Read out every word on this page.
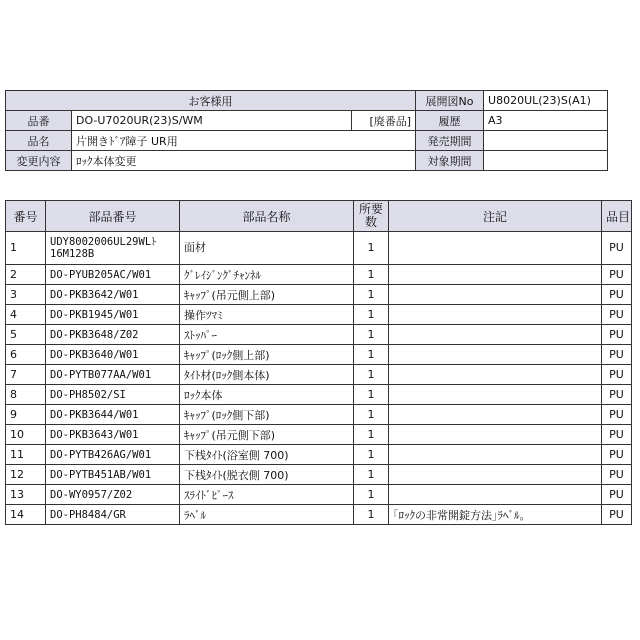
お客様用			展開図No	U8020UL(23)S(A1)
品番	DO-U7020UR(23)S/WM	[廃番品]	履歴	A3
品名	片開きﾄﾞｱ障子 UR用		発売期間	
変更内容	ﾛｯｸ本体変更		対象期間	
番号	部品番号	部品名称	所要数	注記	品目
1	UDY8002006UL29WLﾄ16M128B	面材	1		PU
2	DO-PYUB205AC/W01	ｸﾞﾚｲｼﾞﾝｸﾞﾁｬﾝﾈﾙ	1		PU
3	DO-PKB3642/W01	ｷｬｯﾌﾟ(吊元側上部)	1		PU
4	DO-PKB1945/W01	操作ﾂﾏﾐ	1		PU
5	DO-PKB3648/Z02	ｽﾄｯﾊﾟｰ	1		PU
6	DO-PKB3640/W01	ｷｬｯﾌﾟ(ﾛｯｸ側上部)	1		PU
7	DO-PYTB077AA/W01	ﾀｲﾄ材(ﾛｯｸ側本体)	1		PU
8	DO-PH8502/SI	ﾛｯｸ本体	1		PU
9	DO-PKB3644/W01	ｷｬｯﾌﾟ(ﾛｯｸ側下部)	1		PU
10	DO-PKB3643/W01	ｷｬｯﾌﾟ(吊元側下部)	1		PU
11	DO-PYTB426AG/W01	下桟ﾀｲﾄ(浴室側 700)	1		PU
12	DO-PYTB451AB/W01	下桟ﾀｲﾄ(脱衣側 700)	1		PU
13	DO-WY0957/Z02	ｽﾗｲﾄﾞﾋﾟｰｽ	1		PU
14	DO-PH8484/GR	ﾗﾍﾞﾙ	1	｢ﾛｯｸの非常開錠方法｣ﾗﾍﾞﾙ｡	PU
